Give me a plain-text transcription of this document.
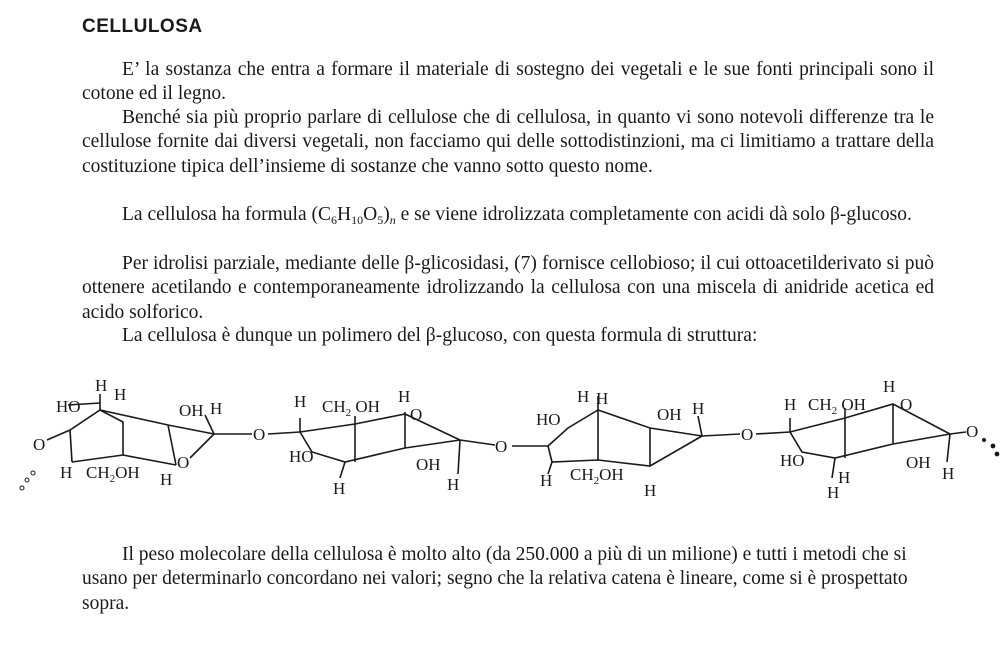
CELLULOSA
E’ la sostanza che entra a formare il materiale di sostegno dei vegetali e le sue fonti principali sono il cotone ed il legno.
Benché sia più proprio parlare di cellulose che di cellulosa, in quanto vi sono notevoli differenze tra le cellulose fornite dai diversi vegetali, non facciamo qui delle sottodistinzioni, ma ci limitiamo a trattare della costituzione tipica dell’insieme di sostanze che vanno sotto questo nome.
La cellulosa ha formula $(C_6H_{10}O_5)_n$ e se viene idrolizzata completamente con acidi dà solo β-glucoso.
Per idrolisi parziale, mediante delle β-glicosidasi, (7) fornisce cellobioso; il cui ottoacetilderivato si può ottenere acetilando e contemporaneamente idrolizzando la cellulosa con una miscela di anidride acetica ed acido solforico.
La cellulosa è dunque un polimero del β-glucoso, con questa formula di struttura:
H H
HO	OH H
O
H $CH_2OH$
O
H
O
H $CH_2$ OH
H
O
HO	OH
H	H
O
H H
HO	OH H
H $CH_2OH$
H
O
H $CH_2$ OH
H
O
HO	OH
H
H
H
O
Il peso molecolare della cellulosa è molto alto (da 250.000 a più di un milione) e tutti i metodi che si usano per determinarlo concordano nei valori; segno che la relativa catena è lineare, come si è prospettato sopra.
